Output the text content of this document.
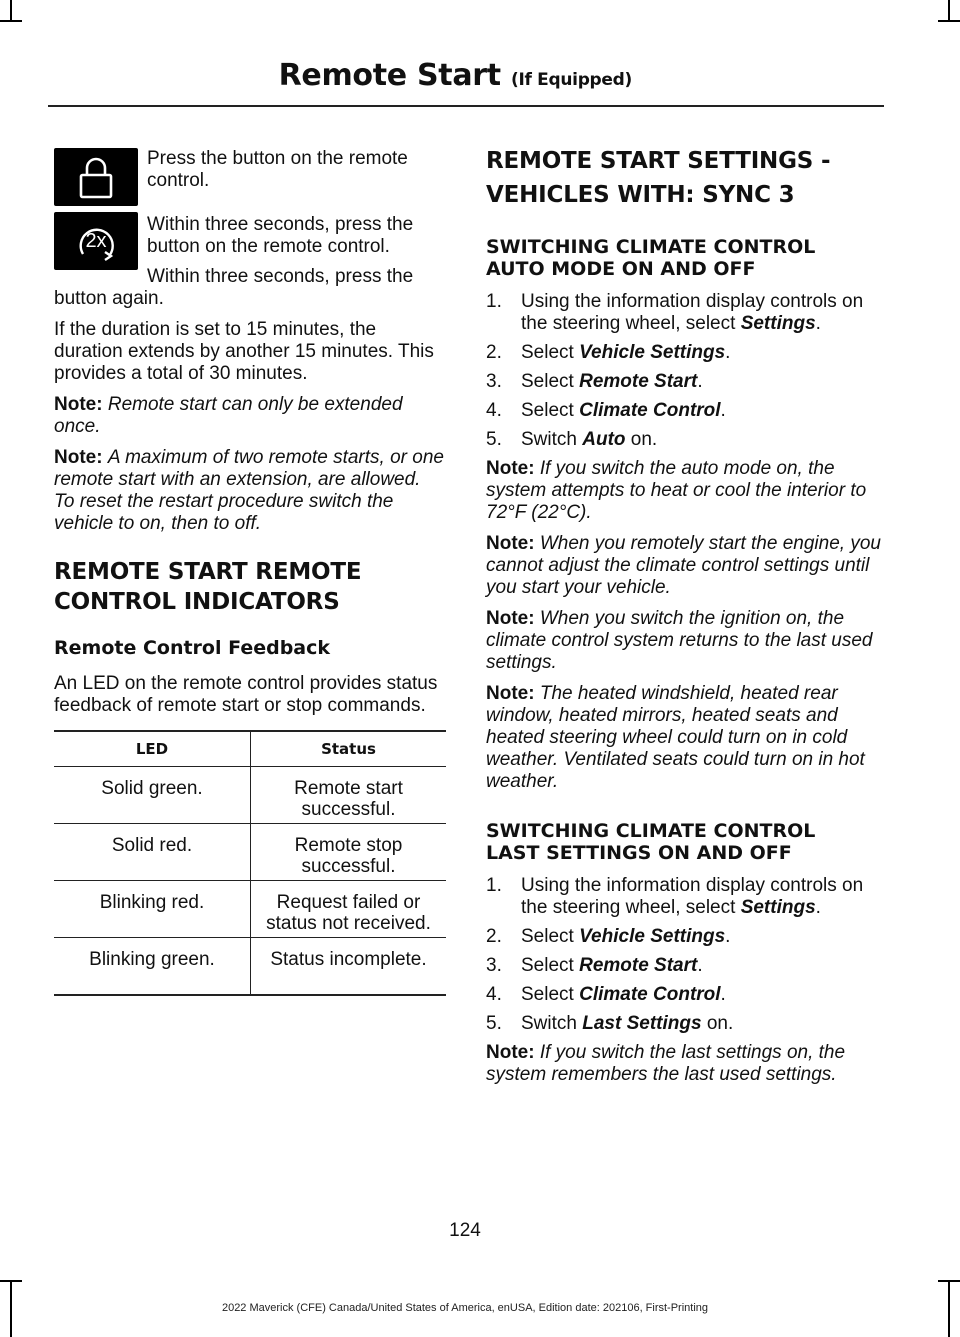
Remote Start (If Equipped)
2x

Press the button on the remote control.

Within three seconds, press the button on the remote control.

Within three seconds, press the button again.

If the duration is set to 15 minutes, the duration extends by another 15 minutes. This provides a total of 30 minutes.

Note: Remote start can only be extended once.

Note: A maximum of two remote starts, or one remote start with an extension, are allowed. To reset the restart procedure switch the vehicle to on, then to off.

REMOTE START REMOTE
CONTROL INDICATORS
Remote Control Feedback

An LED on the remote control provides status feedback of remote start or stop commands.

LED	Status
Solid green.	Remote start successful.
Solid red.	Remote stop successful.
Blinking red.	Request failed or status not received.
Blinking green.	Status incomplete.
REMOTE START SETTINGS -
VEHICLES WITH: SYNC 3
SWITCHING CLIMATE CONTROL
AUTO MODE ON AND OFF
1. Using the information display controls on the steering wheel, select Settings.
2. Select Vehicle Settings.
3. Select Remote Start.
4. Select Climate Control.
5. Switch Auto on.

Note: If you switch the auto mode on, the system attempts to heat or cool the interior to 72°F (22°C).

Note: When you remotely start the engine, you cannot adjust the climate control settings until you start your vehicle.

Note: When you switch the ignition on, the climate control system returns to the last used settings.

Note: The heated windshield, heated rear window, heated mirrors, heated seats and heated steering wheel could turn on in cold weather. Ventilated seats could turn on in hot weather.

SWITCHING CLIMATE CONTROL
LAST SETTINGS ON AND OFF
1. Using the information display controls on the steering wheel, select Settings.
2. Select Vehicle Settings.
3. Select Remote Start.
4. Select Climate Control.
5. Switch Last Settings on.

Note: If you switch the last settings on, the system remembers the last used settings.

124
2022 Maverick (CFE) Canada/United States of America, enUSA, Edition date: 202106, First-Printing
